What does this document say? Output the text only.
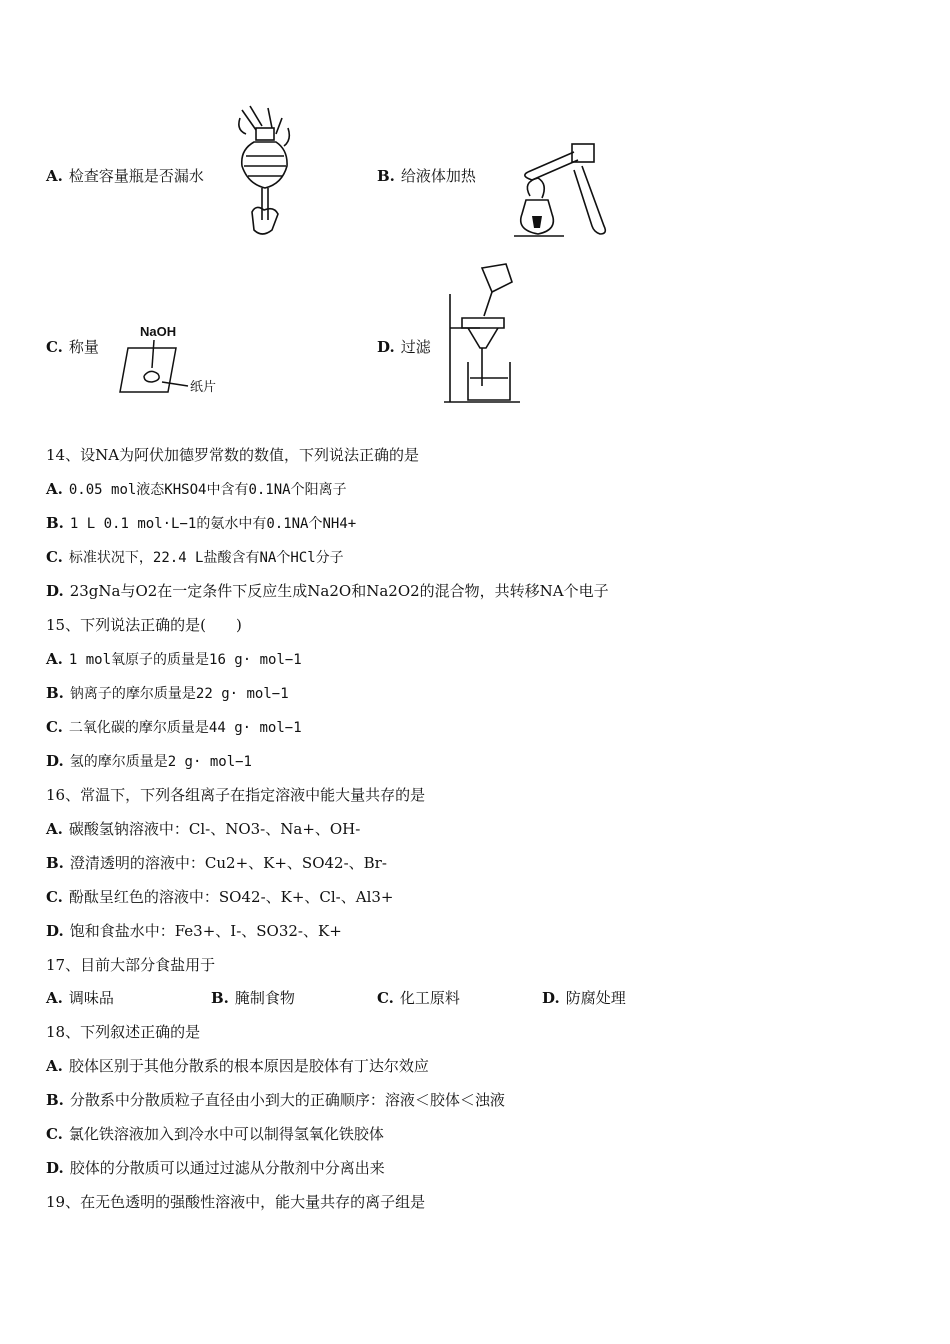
A. 检查容量瓶是否漏水	B. 给液体加热
C. 称量
NaOH
纸片
D. 过滤
14、设NA为阿伏加德罗常数的数值，下列说法正确的是
A. 0.05 mol液态KHSO4中含有0.1NA个阳离子
B. 1 L 0.1 mol·L−1的氨水中有0.1NA个NH4+
C. 标准状况下，22.4 L盐酸含有NA个HCl分子
D. 23gNa与O2在一定条件下反应生成Na2O和Na2O2的混合物，共转移NA个电子
15、下列说法正确的是(　　)
A. 1 mol氧原子的质量是16 g· mol−1
B. 钠离子的摩尔质量是22 g· mol−1
C. 二氧化碳的摩尔质量是44 g· mol−1
D. 氢的摩尔质量是2 g· mol−1
16、常温下，下列各组离子在指定溶液中能大量共存的是
A. 碳酸氢钠溶液中：Cl-、NO3-、Na+、OH-
B. 澄清透明的溶液中：Cu2+、K+、SO42-、Br-
C. 酚酞呈红色的溶液中：SO42-、K+、Cl-、Al3+
D. 饱和食盐水中：Fe3+、I-、SO32-、K+
17、目前大部分食盐用于
A. 调味品	B. 腌制食物	C. 化工原料	D. 防腐处理
18、下列叙述正确的是
A. 胶体区别于其他分散系的根本原因是胶体有丁达尔效应
B. 分散系中分散质粒子直径由小到大的正确顺序：溶液＜胶体＜浊液
C. 氯化铁溶液加入到冷水中可以制得氢氧化铁胶体
D. 胶体的分散质可以通过过滤从分散剂中分离出来
19、在无色透明的强酸性溶液中，能大量共存的离子组是
